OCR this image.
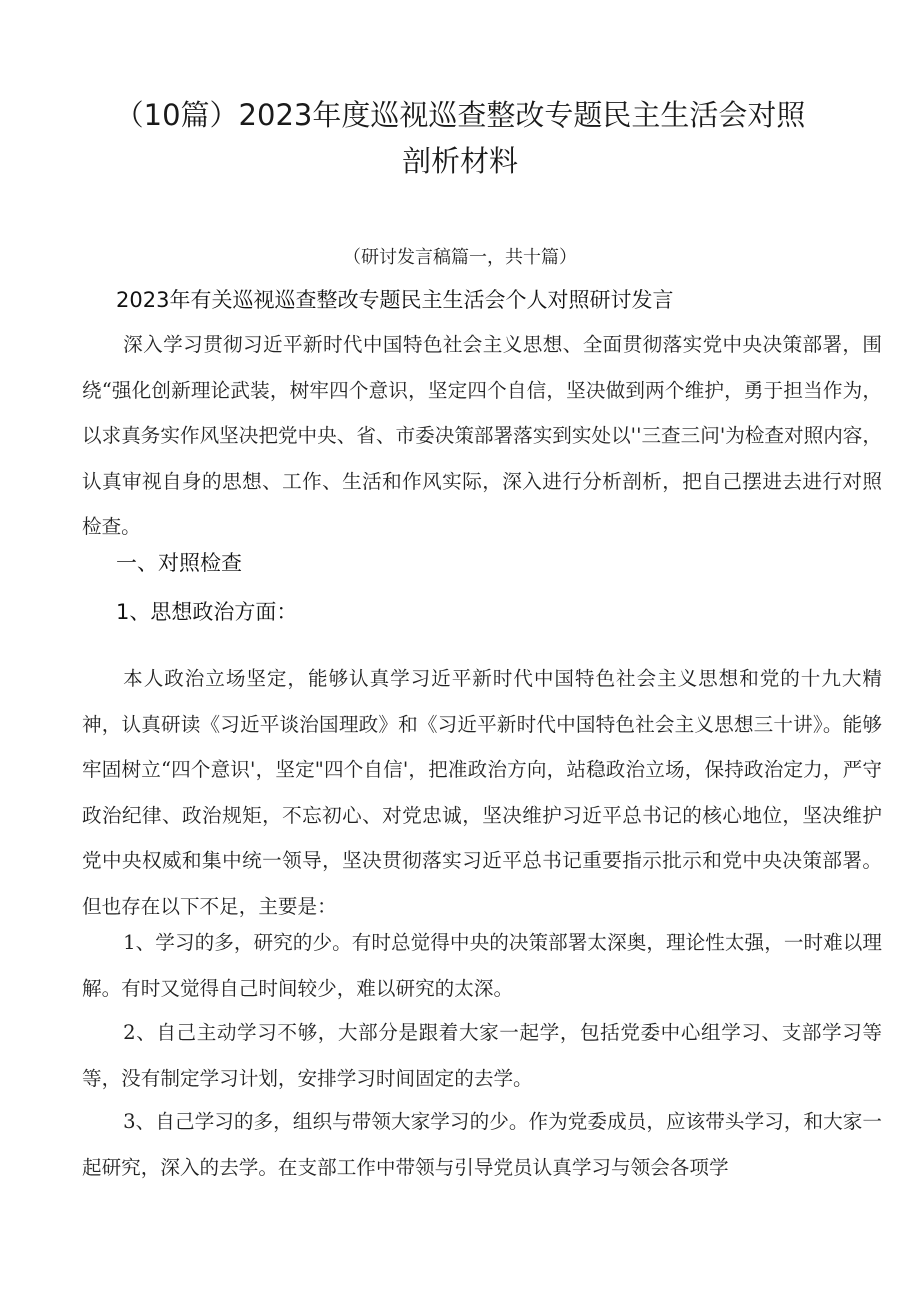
（10篇）2023年度巡视巡查整改专题民主生活会对照
剖析材料
（研讨发言稿篇一，共十篇）
2023年有关巡视巡查整改专题民主生活会个人对照研讨发言

深入学习贯彻习近平新时代中国特色社会主义思想、全面贯彻落实党中央决策部署，围绕“强化创新理论武装，树牢四个意识，坚定四个自信，坚决做到两个维护，勇于担当作为，以求真务实作风坚决把党中央、省、市委决策部署落实到实处以''三查三问'为检查对照内容，认真审视自身的思想、工作、生活和作风实际，深入进行分析剖析，把自己摆进去进行对照检查。

一、对照检查
1、思想政治方面：

本人政治立场坚定，能够认真学习近平新时代中国特色社会主义思想和党的十九大精神，认真研读《习近平谈治国理政》和《习近平新时代中国特色社会主义思想三十讲》。能够牢固树立“四个意识'，坚定"四个自信'，把准政治方向，站稳政治立场，保持政治定力，严守政治纪律、政治规矩，不忘初心、对党忠诚，坚决维护习近平总书记的核心地位，坚决维护党中央权威和集中统一领导，坚决贯彻落实习近平总书记重要指示批示和党中央决策部署。但也存在以下不足，主要是：

1、学习的多，研究的少。有时总觉得中央的决策部署太深奥，理论性太强，一时难以理解。有时又觉得自己时间较少，难以研究的太深。

2、自己主动学习不够，大部分是跟着大家一起学，包括党委中心组学习、支部学习等等，没有制定学习计划，安排学习时间固定的去学。

3、自己学习的多，组织与带领大家学习的少。作为党委成员，应该带头学习，和大家一起研究，深入的去学。在支部工作中带领与引导党员认真学习与领会各项学
